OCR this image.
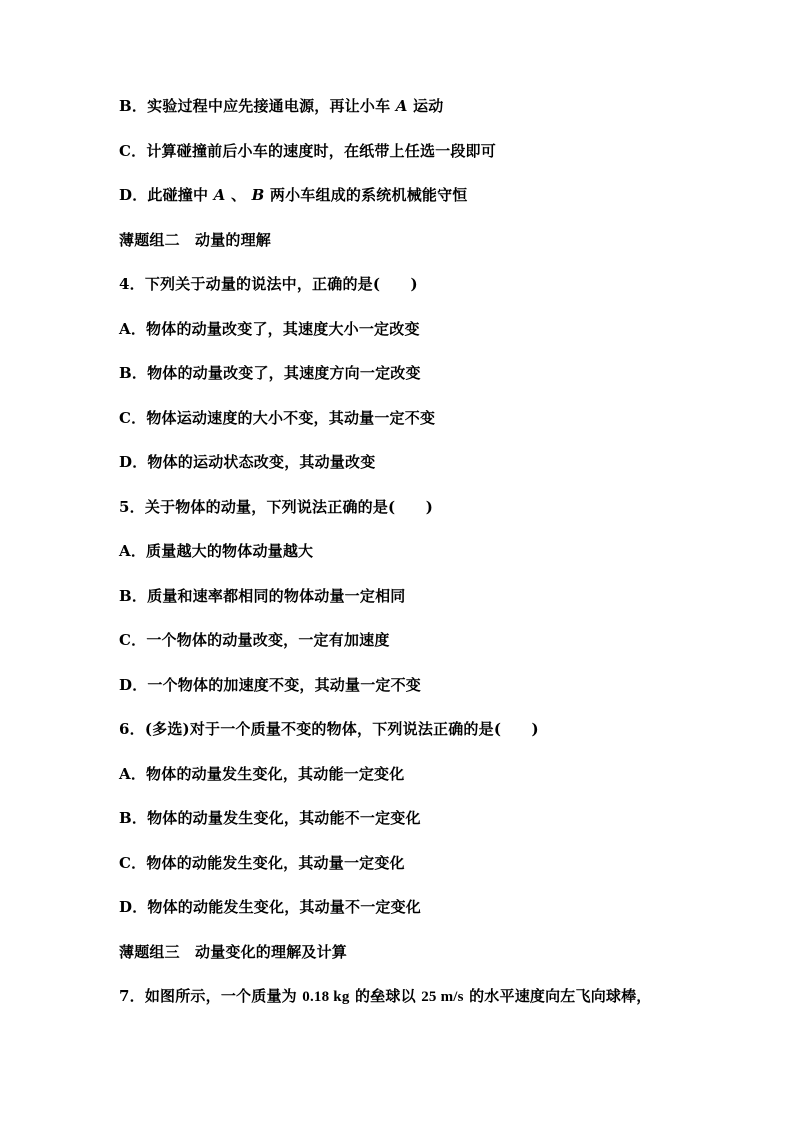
B．实验过程中应先接通电源，再让小车 A 运动
C．计算碰撞前后小车的速度时，在纸带上任选一段即可
D．此碰撞中 A 、 B 两小车组成的系统机械能守恒
薄题组二　动量的理解
4．下列关于动量的说法中，正确的是(　　)
A．物体的动量改变了，其速度大小一定改变
B．物体的动量改变了，其速度方向一定改变
C．物体运动速度的大小不变，其动量一定不变
D．物体的运动状态改变，其动量改变
5．关于物体的动量，下列说法正确的是(　　)
A．质量越大的物体动量越大
B．质量和速率都相同的物体动量一定相同
C．一个物体的动量改变，一定有加速度
D．一个物体的加速度不变，其动量一定不变
6．(多选)对于一个质量不变的物体，下列说法正确的是(　　)
A．物体的动量发生变化，其动能一定变化
B．物体的动量发生变化，其动能不一定变化
C．物体的动能发生变化，其动量一定变化
D．物体的动能发生变化，其动量不一定变化
薄题组三　动量变化的理解及计算
7．如图所示，一个质量为 0.18 kg 的垒球以 25 m/s 的水平速度向左飞向球棒，
